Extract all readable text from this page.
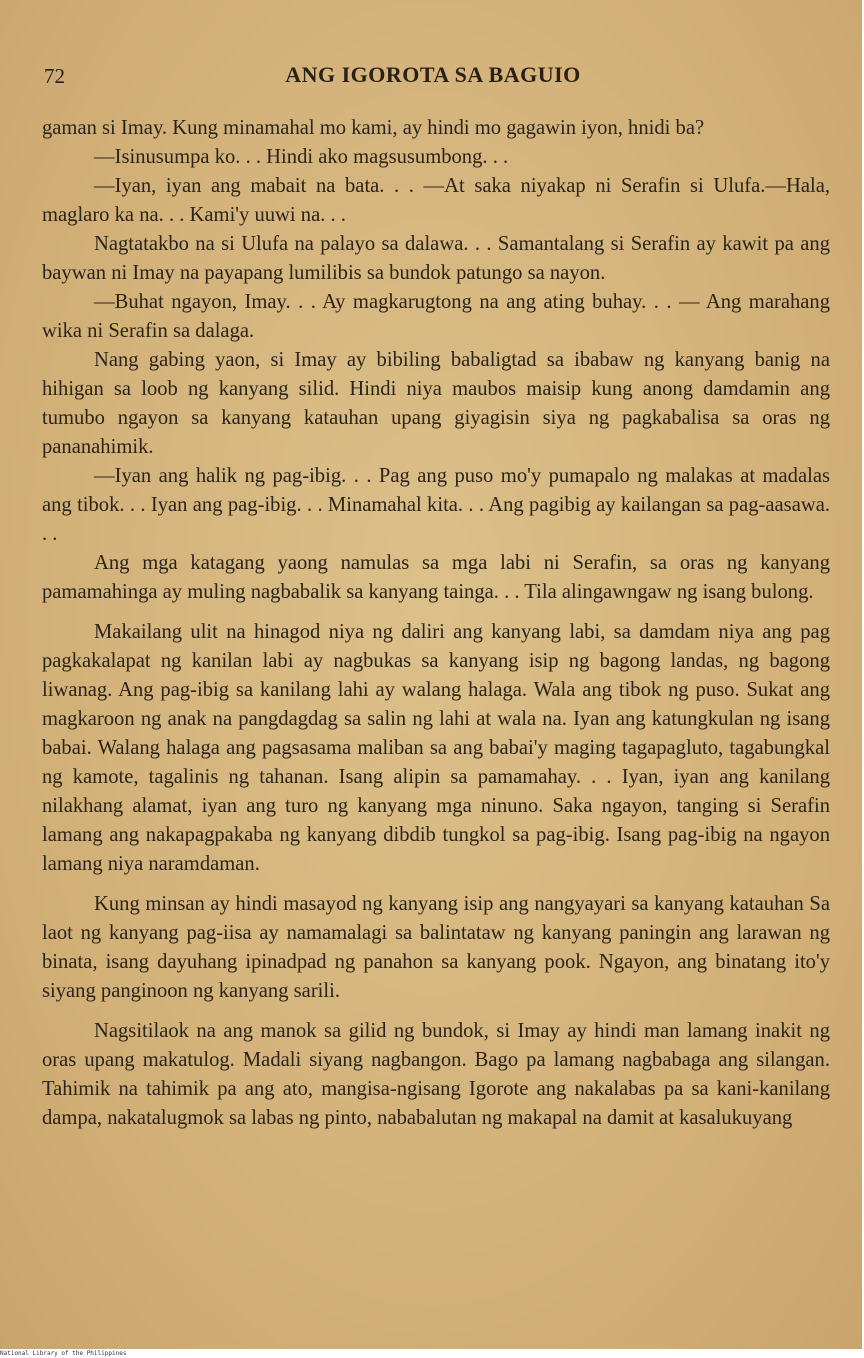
72	ANG IGOROTA SA BAGUIO

gaman si Imay. Kung minamahal mo kami, ay hindi mo gagawin iyon, hnidi ba?

—Isinusumpa ko. . . Hindi ako magsusumbong. . .

—Iyan, iyan ang mabait na bata. . . —At saka niyakap ni Serafin si Ulufa.—Hala, maglaro ka na. . . Kami'y uuwi na. . .

Nagtatakbo na si Ulufa na palayo sa dalawa. . . Samantalang si Serafin ay kawit pa ang baywan ni Imay na payapang lumilibis sa bundok patungo sa nayon.

—Buhat ngayon, Imay. . . Ay magkarugtong na ang ating buhay. . . — Ang marahang wika ni Serafin sa dalaga.

Nang gabing yaon, si Imay ay bibiling babaligtad sa ibabaw ng kanyang banig na hihigan sa loob ng kanyang silid. Hindi niya maubos maisip kung anong damdamin ang tumubo ngayon sa kanyang katauhan upang giyagisin siya ng pagkabalisa sa oras ng pananahimik.

—Iyan ang halik ng pag-ibig. . . Pag ang puso mo'y pumapalo ng malakas at madalas ang tibok. . . Iyan ang pag-ibig. . . Minamahal kita. . . Ang pagibig ay kailangan sa pag-aasawa. . .

Ang mga katagang yaong namulas sa mga labi ni Serafin, sa oras ng kanyang pamamahinga ay muling nagbabalik sa kanyang tainga. . . Tila alingawngaw ng isang bulong.

Makailang ulit na hinagod niya ng daliri ang kanyang labi, sa damdam niya ang pag pagkakalapat ng kanilan labi ay nagbukas sa kanyang isip ng bagong landas, ng bagong liwanag. Ang pag-ibig sa kanilang lahi ay walang halaga. Wala ang tibok ng puso. Sukat ang magkaroon ng anak na pangdagdag sa salin ng lahi at wala na. Iyan ang katungkulan ng isang babai. Walang halaga ang pagsasama maliban sa ang babai'y maging tagapagluto, tagabungkal ng kamote, tagalinis ng tahanan. Isang alipin sa pamamahay. . . Iyan, iyan ang kanilang nilakhang alamat, iyan ang turo ng kanyang mga ninuno. Saka ngayon, tanging si Serafin lamang ang nakapagpakaba ng kanyang dibdib tungkol sa pag-ibig. Isang pag-ibig na ngayon lamang niya naramdaman.

Kung minsan ay hindi masayod ng kanyang isip ang nangyayari sa kanyang katauhan Sa laot ng kanyang pag-iisa ay namamalagi sa balintataw ng kanyang paningin ang larawan ng binata, isang dayuhang ipinadpad ng panahon sa kanyang pook. Ngayon, ang binatang ito'y siyang panginoon ng kanyang sarili.

Nagsitilaok na ang manok sa gilid ng bundok, si Imay ay hindi man lamang inakit ng oras upang makatulog. Madali siyang nagbangon. Bago pa lamang nagbabaga ang silangan. Tahimik na tahimik pa ang ato, mangisa-ngisang Igorote ang nakalabas pa sa kani-kanilang dampa, nakatalugmok sa labas ng pinto, nababalutan ng makapal na damit at kasalukuyang

National Library of the Philippines
